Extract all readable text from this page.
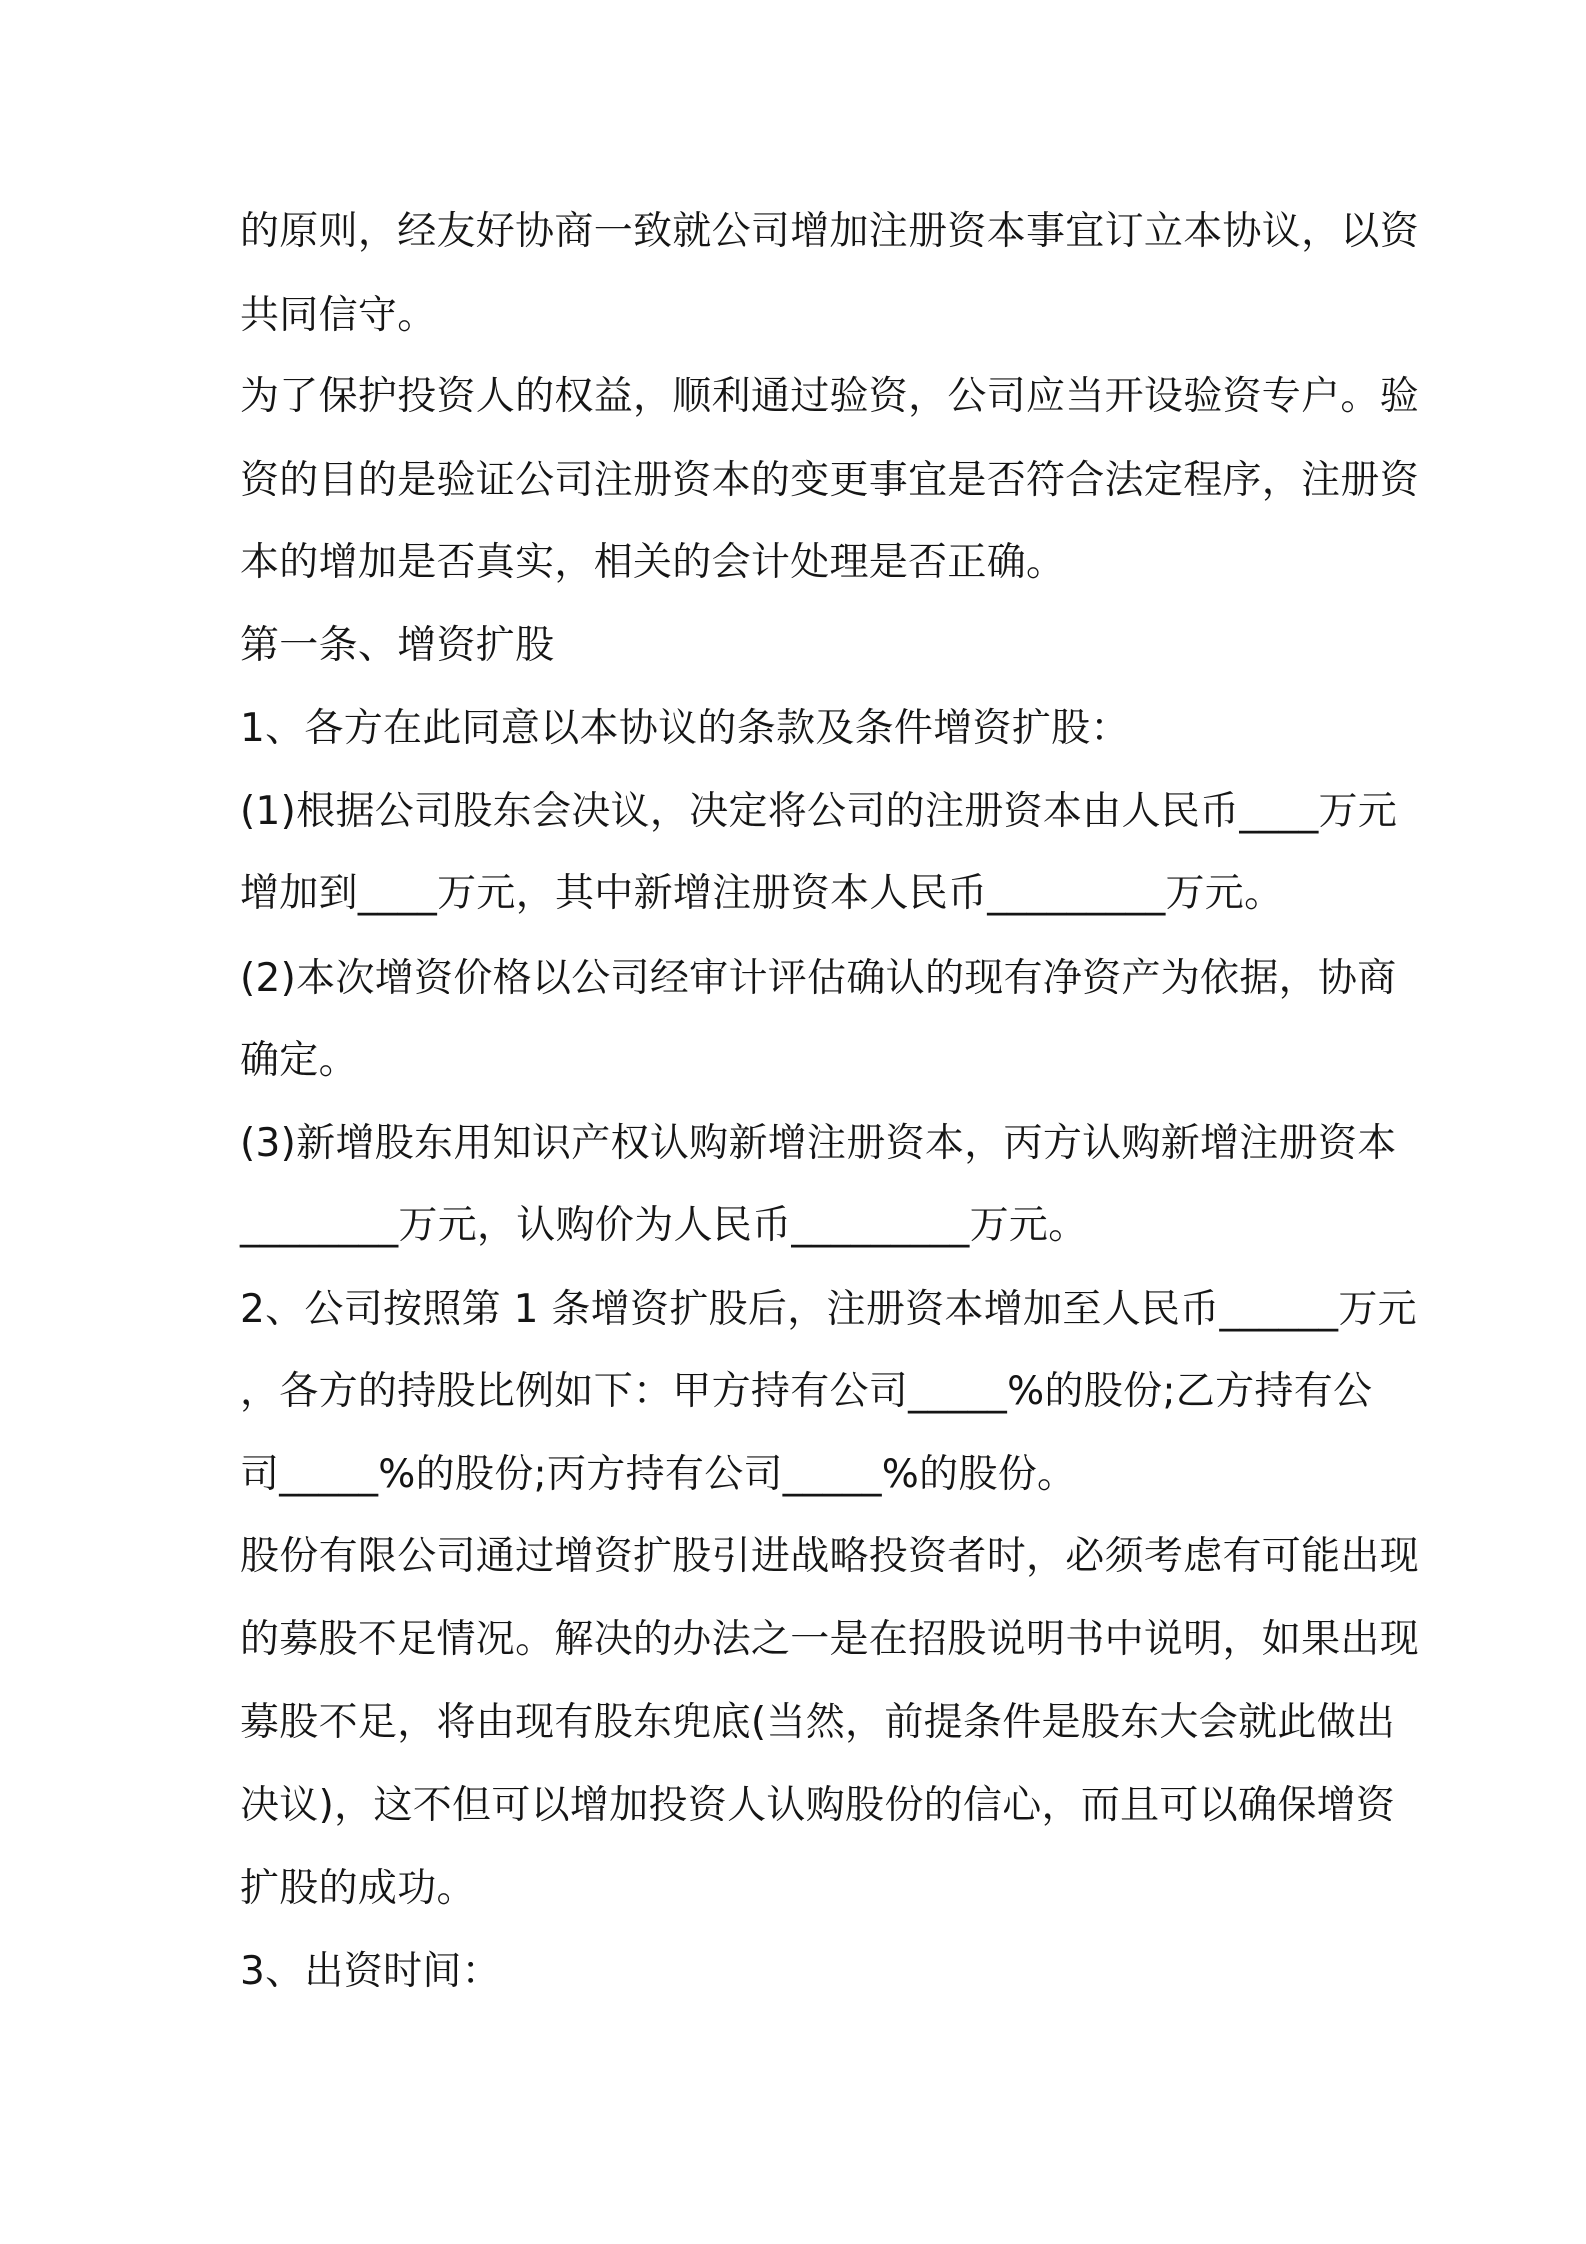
的原则，经友好协商一致就公司增加注册资本事宜订立本协议，以资
共同信守。
为了保护投资人的权益，顺利通过验资，公司应当开设验资专户。验
资的目的是验证公司注册资本的变更事宜是否符合法定程序，注册资
本的增加是否真实，相关的会计处理是否正确。
第一条、增资扩股
1、各方在此同意以本协议的条款及条件增资扩股：
(1)根据公司股东会决议，决定将公司的注册资本由人民币____万元
增加到____万元，其中新增注册资本人民币_________万元。
(2)本次增资价格以公司经审计评估确认的现有净资产为依据，协商
确定。
(3)新增股东用知识产权认购新增注册资本，丙方认购新增注册资本
________万元，认购价为人民币_________万元。
2、公司按照第 1 条增资扩股后，注册资本增加至人民币______万元
，各方的持股比例如下：甲方持有公司_____%的股份;乙方持有公
司_____%的股份;丙方持有公司_____%的股份。
股份有限公司通过增资扩股引进战略投资者时，必须考虑有可能出现
的募股不足情况。解决的办法之一是在招股说明书中说明，如果出现
募股不足，将由现有股东兜底(当然，前提条件是股东大会就此做出
决议)，这不但可以增加投资人认购股份的信心，而且可以确保增资
扩股的成功。
3、出资时间：
